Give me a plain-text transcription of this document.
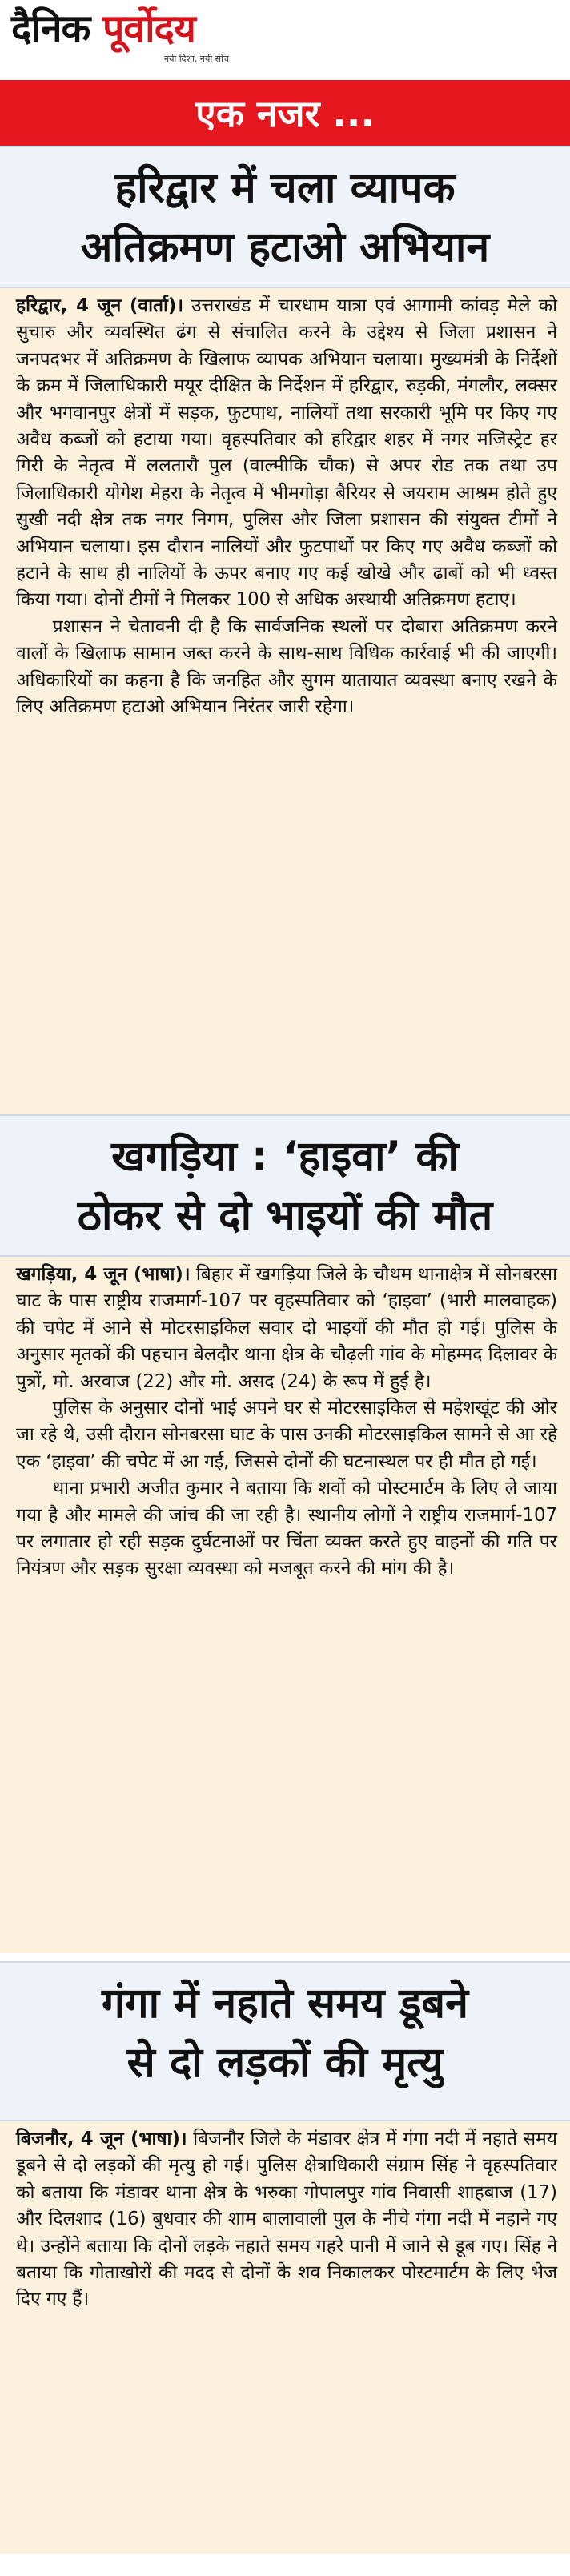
दैनिक पूर्वोदय
नयी दिशा, नयी सोच
एक नजर ...
हरिद्वार में चला व्यापक
अतिक्रमण हटाओ अभियान

हरिद्वार, 4 जून (वार्ता)। उत्तराखंड में चारधाम यात्रा एवं आगामी कांवड़ मेले को सुचारु और व्यवस्थित ढंग से संचालित करने के उद्देश्य से जिला प्रशासन ने जनपदभर में अतिक्रमण के खिलाफ व्यापक अभियान चलाया। मुख्यमंत्री के निर्देशों के क्रम में जिलाधिकारी मयूर दीक्षित के निर्देशन में हरिद्वार, रुड़की, मंगलौर, लक्सर और भगवानपुर क्षेत्रों में सड़क, फुटपाथ, नालियों तथा सरकारी भूमि पर किए गए अवैध कब्जों को हटाया गया। वृहस्पतिवार को हरिद्वार शहर में नगर मजिस्ट्रेट हर गिरी के नेतृत्व में ललतारौ पुल (वाल्मीकि चौक) से अपर रोड तक तथा उप जिलाधिकारी योगेश मेहरा के नेतृत्व में भीमगोड़ा बैरियर से जयराम आश्रम होते हुए सुखी नदी क्षेत्र तक नगर निगम, पुलिस और जिला प्रशासन की संयुक्त टीमों ने अभियान चलाया। इस दौरान नालियों और फुटपाथों पर किए गए अवैध कब्जों को हटाने के साथ ही नालियों के ऊपर बनाए गए कई खोखे और ढाबों को भी ध्वस्त किया गया। दोनों टीमों ने मिलकर 100 से अधिक अस्थायी अतिक्रमण हटाए।

प्रशासन ने चेतावनी दी है कि सार्वजनिक स्थलों पर दोबारा अतिक्रमण करने वालों के खिलाफ सामान जब्त करने के साथ-साथ विधिक कार्रवाई भी की जाएगी। अधिकारियों का कहना है कि जनहित और सुगम यातायात व्यवस्था बनाए रखने के लिए अतिक्रमण हटाओ अभियान निरंतर जारी रहेगा।

खगड़िया : ‘हाइवा’ की
ठोकर से दो भाइयों की मौत

खगड़िया, 4 जून (भाषा)। बिहार में खगड़िया जिले के चौथम थानाक्षेत्र में सोनबरसा घाट के पास राष्ट्रीय राजमार्ग-107 पर वृहस्पतिवार को ‘हाइवा’ (भारी मालवाहक) की चपेट में आने से मोटरसाइकिल सवार दो भाइयों की मौत हो गई। पुलिस के अनुसार मृतकों की पहचान बेलदौर थाना क्षेत्र के चौढ़ली गांव के मोहम्मद दिलावर के पुत्रों, मो. अरवाज (22) और मो. असद (24) के रूप में हुई है।

पुलिस के अनुसार दोनों भाई अपने घर से मोटरसाइकिल से महेशखूंट की ओर जा रहे थे, उसी दौरान सोनबरसा घाट के पास उनकी मोटरसाइकिल सामने से आ रहे एक ‘हाइवा’ की चपेट में आ गई, जिससे दोनों की घटनास्थल पर ही मौत हो गई।

थाना प्रभारी अजीत कुमार ने बताया कि शवों को पोस्टमार्टम के लिए ले जाया गया है और मामले की जांच की जा रही है। स्थानीय लोगों ने राष्ट्रीय राजमार्ग-107 पर लगातार हो रही सड़क दुर्घटनाओं पर चिंता व्यक्त करते हुए वाहनों की गति पर नियंत्रण और सड़क सुरक्षा व्यवस्था को मजबूत करने की मांग की है।

गंगा में नहाते समय डूबने
से दो लड़कों की मृत्यु

बिजनौर, 4 जून (भाषा)। बिजनौर जिले के मंडावर क्षेत्र में गंगा नदी में नहाते समय डूबने से दो लड़कों की मृत्यु हो गई। पुलिस क्षेत्राधिकारी संग्राम सिंह ने वृहस्पतिवार को बताया कि मंडावर थाना क्षेत्र के भरुका गोपालपुर गांव निवासी शाहबाज (17) और दिलशाद (16) बुधवार की शाम बालावाली पुल के नीचे गंगा नदी में नहाने गए थे। उन्होंने बताया कि दोनों लड़के नहाते समय गहरे पानी में जाने से डूब गए। सिंह ने बताया कि गोताखोरों की मदद से दोनों के शव निकालकर पोस्टमार्टम के लिए भेज दिए गए हैं।
